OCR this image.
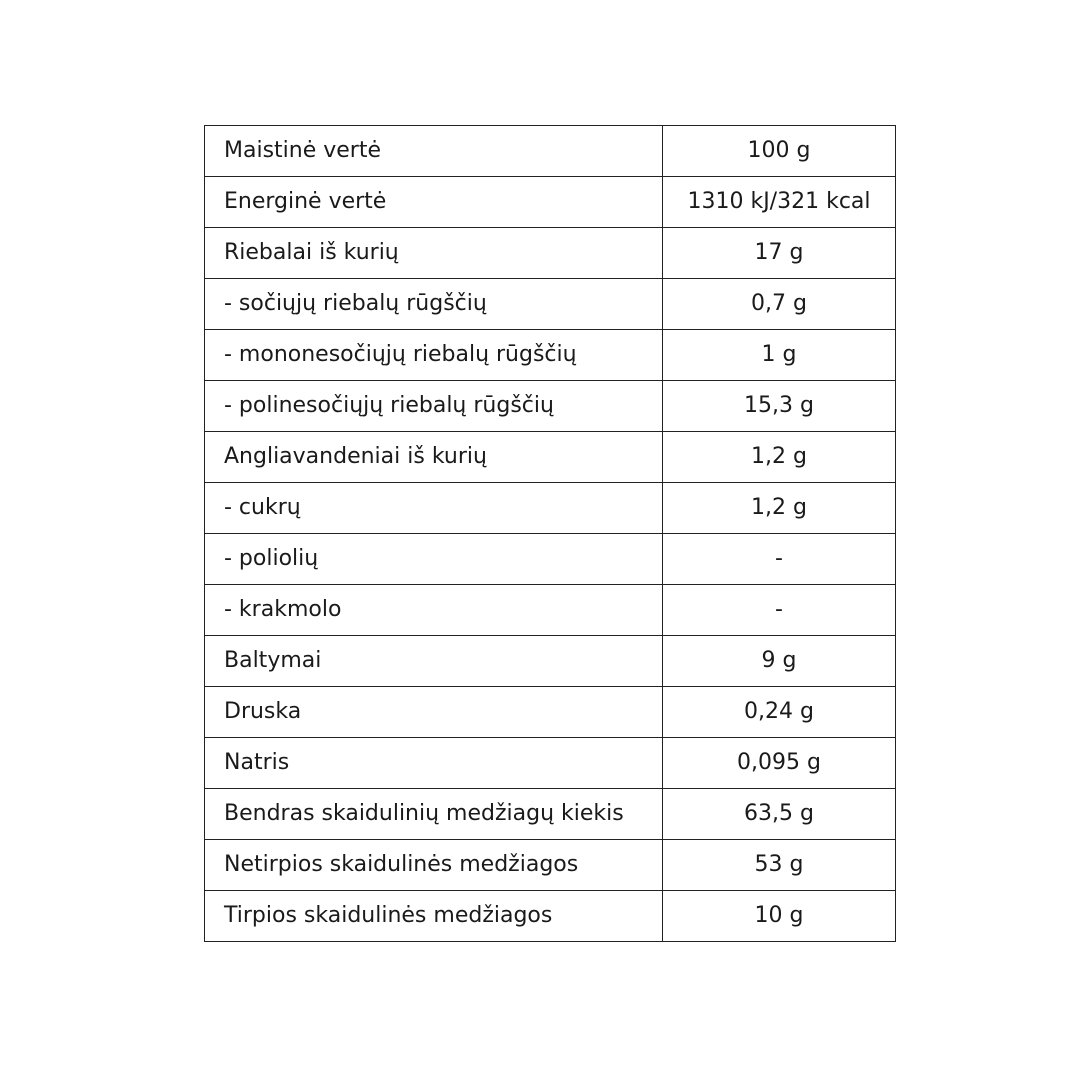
Maistinė vertė	100 g
Energinė vertė	1310 kJ/321 kcal
Riebalai iš kurių	17 g
- sočiųjų riebalų rūgščių	0,7 g
- mononesočiųjų riebalų rūgščių	1 g
- polinesočiųjų riebalų rūgščių	15,3 g
Angliavandeniai iš kurių	1,2 g
- cukrų	1,2 g
- poliolių	-
- krakmolo	-
Baltymai	9 g
Druska	0,24 g
Natris	0,095 g
Bendras skaidulinių medžiagų kiekis	63,5 g
Netirpios skaidulinės medžiagos	53 g
Tirpios skaidulinės medžiagos	10 g
